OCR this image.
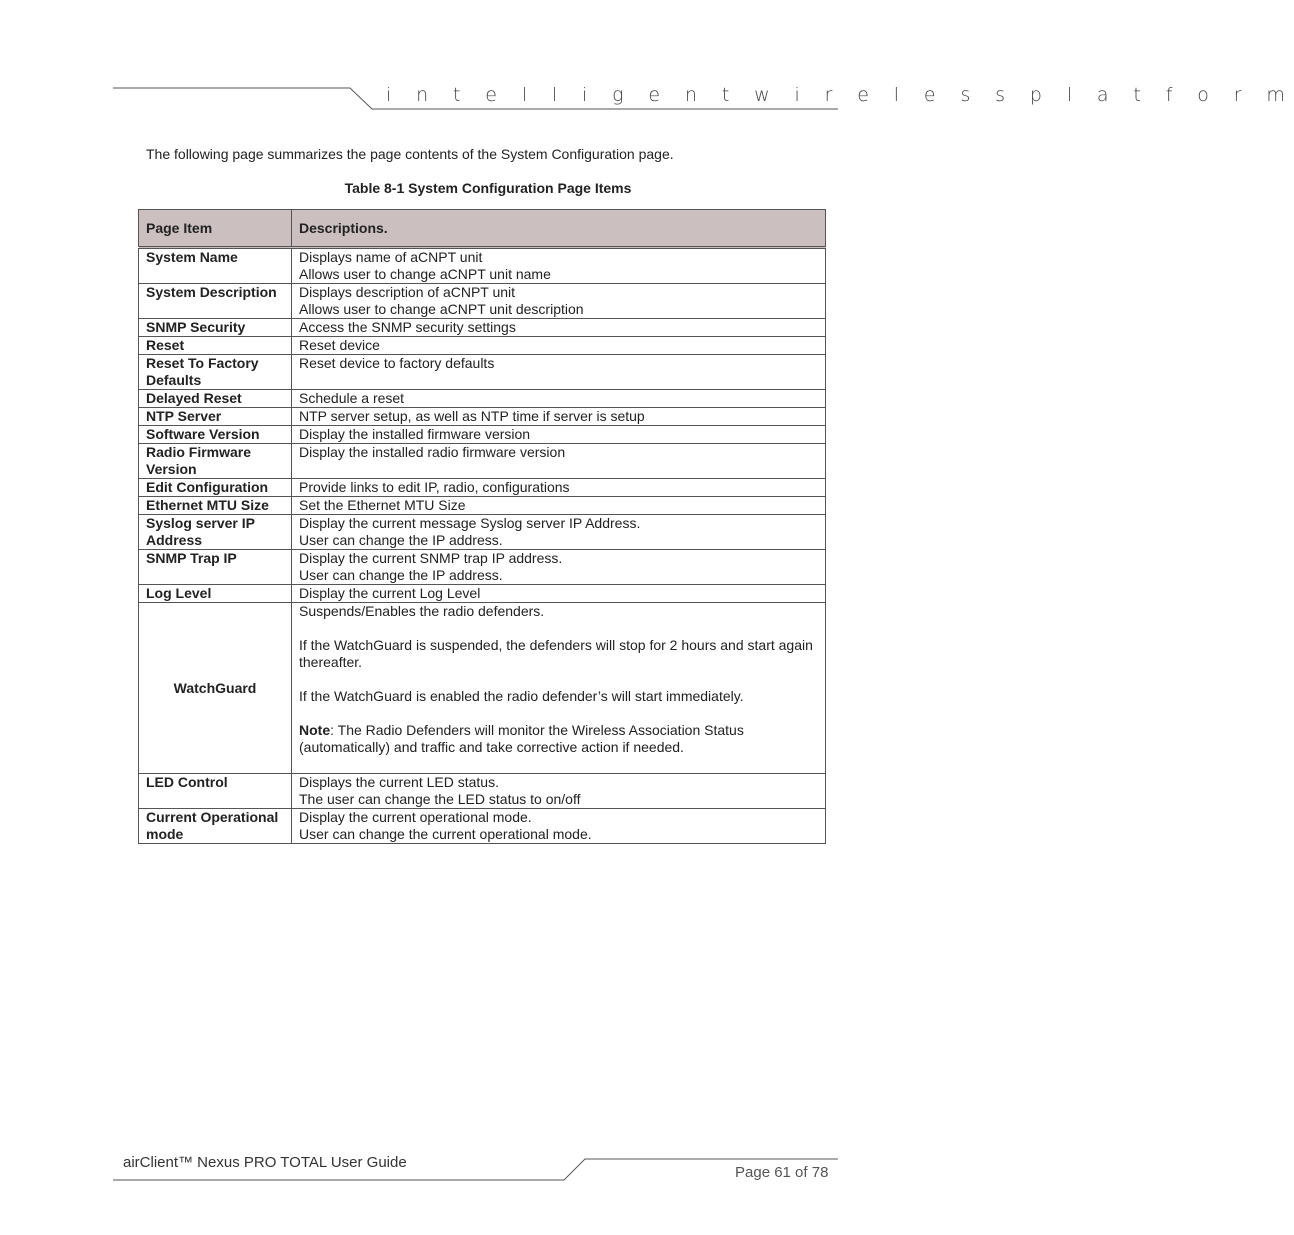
i n t e l l i g e n t w i r e l e s s p l a t f o r m
The following page summarizes the page contents of the System Configuration page.
Table 8-1 System Configuration Page Items
Page Item	Descriptions.
System Name	Displays name of aCNPT unit
Allows user to change aCNPT unit name

System Description	Displays description of aCNPT unit
Allows user to change aCNPT unit description

SNMP Security	Access the SNMP security settings

Reset	Reset device

Reset To Factory Defaults	Reset device to factory defaults

Delayed Reset	Schedule a reset

NTP Server	NTP server setup, as well as NTP time if server is setup

Software Version	Display the installed firmware version

Radio Firmware Version	Display the installed radio firmware version

Edit Configuration	Provide links to edit IP, radio, configurations

Ethernet MTU Size	Set the Ethernet MTU Size

Syslog server IP Address	Display the current message Syslog server IP Address.
User can change the IP address.

SNMP Trap IP	Display the current SNMP trap IP address.
User can change the IP address.

Log Level	Display the current Log Level

WatchGuard	Suspends/Enables the radio defenders.
If the WatchGuard is suspended, the defenders will stop for 2 hours and start again thereafter.
If the WatchGuard is enabled the radio defender’s will start immediately.
Note: The Radio Defenders will monitor the Wireless Association Status (automatically) and traffic and take corrective action if needed.

LED Control	Displays the current LED status.
The user can change the LED status to on/off

Current Operational mode	Display the current operational mode.
User can change the current operational mode.
airClient™ Nexus PRO TOTAL User Guide
Page 61 of 78
